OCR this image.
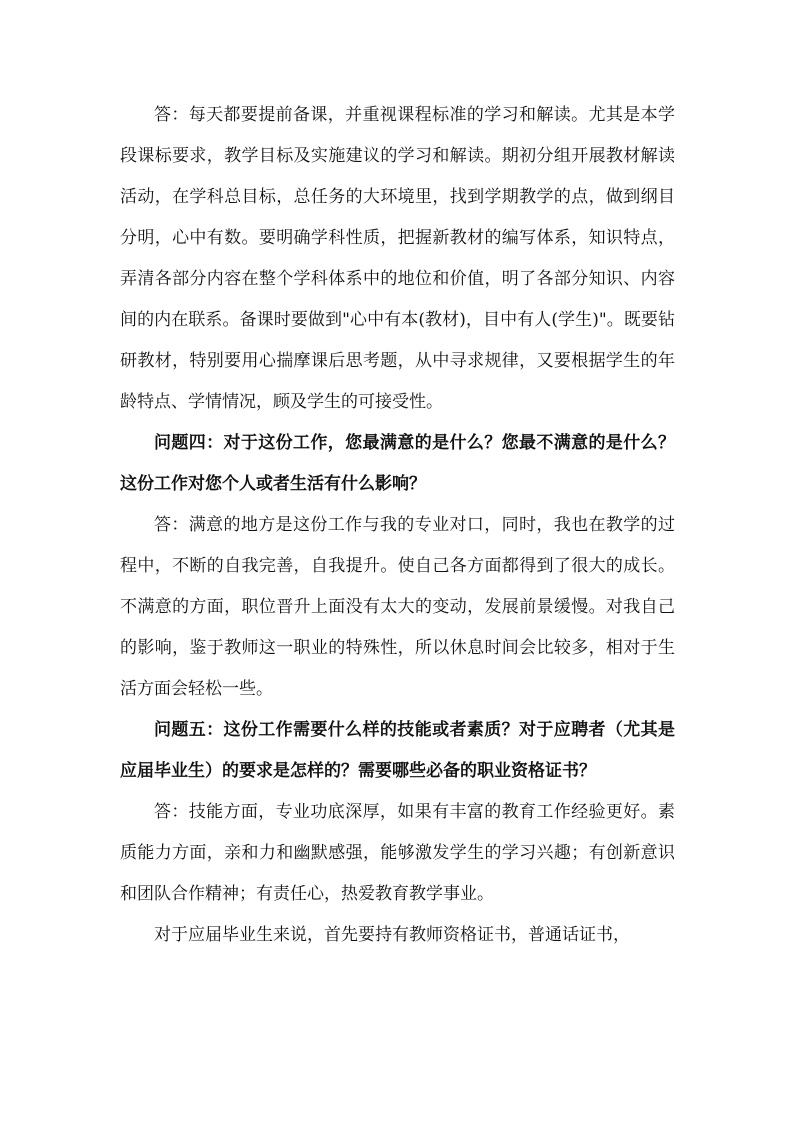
答：每天都要提前备课，并重视课程标准的学习和解读。尤其是本学段课标要求，教学目标及实施建议的学习和解读。期初分组开展教材解读活动，在学科总目标，总任务的大环境里，找到学期教学的点，做到纲目分明，心中有数。要明确学科性质，把握新教材的编写体系，知识特点，弄清各部分内容在整个学科体系中的地位和价值，明了各部分知识、内容间的内在联系。备课时要做到"心中有本(教材)，目中有人(学生)"。既要钻研教材，特别要用心揣摩课后思考题，从中寻求规律，又要根据学生的年龄特点、学情情况，顾及学生的可接受性。

问题四：对于这份工作，您最满意的是什么？您最不满意的是什么？这份工作对您个人或者生活有什么影响？

答：满意的地方是这份工作与我的专业对口，同时，我也在教学的过程中，不断的自我完善，自我提升。使自己各方面都得到了很大的成长。不满意的方面，职位晋升上面没有太大的变动，发展前景缓慢。对我自己的影响，鉴于教师这一职业的特殊性，所以休息时间会比较多，相对于生活方面会轻松一些。

问题五：这份工作需要什么样的技能或者素质？对于应聘者（尤其是应届毕业生）的要求是怎样的？需要哪些必备的职业资格证书？

答：技能方面，专业功底深厚，如果有丰富的教育工作经验更好。素质能力方面，亲和力和幽默感强，能够激发学生的学习兴趣；有创新意识和团队合作精神；有责任心，热爱教育教学事业。

对于应届毕业生来说，首先要持有教师资格证书，普通话证书，
